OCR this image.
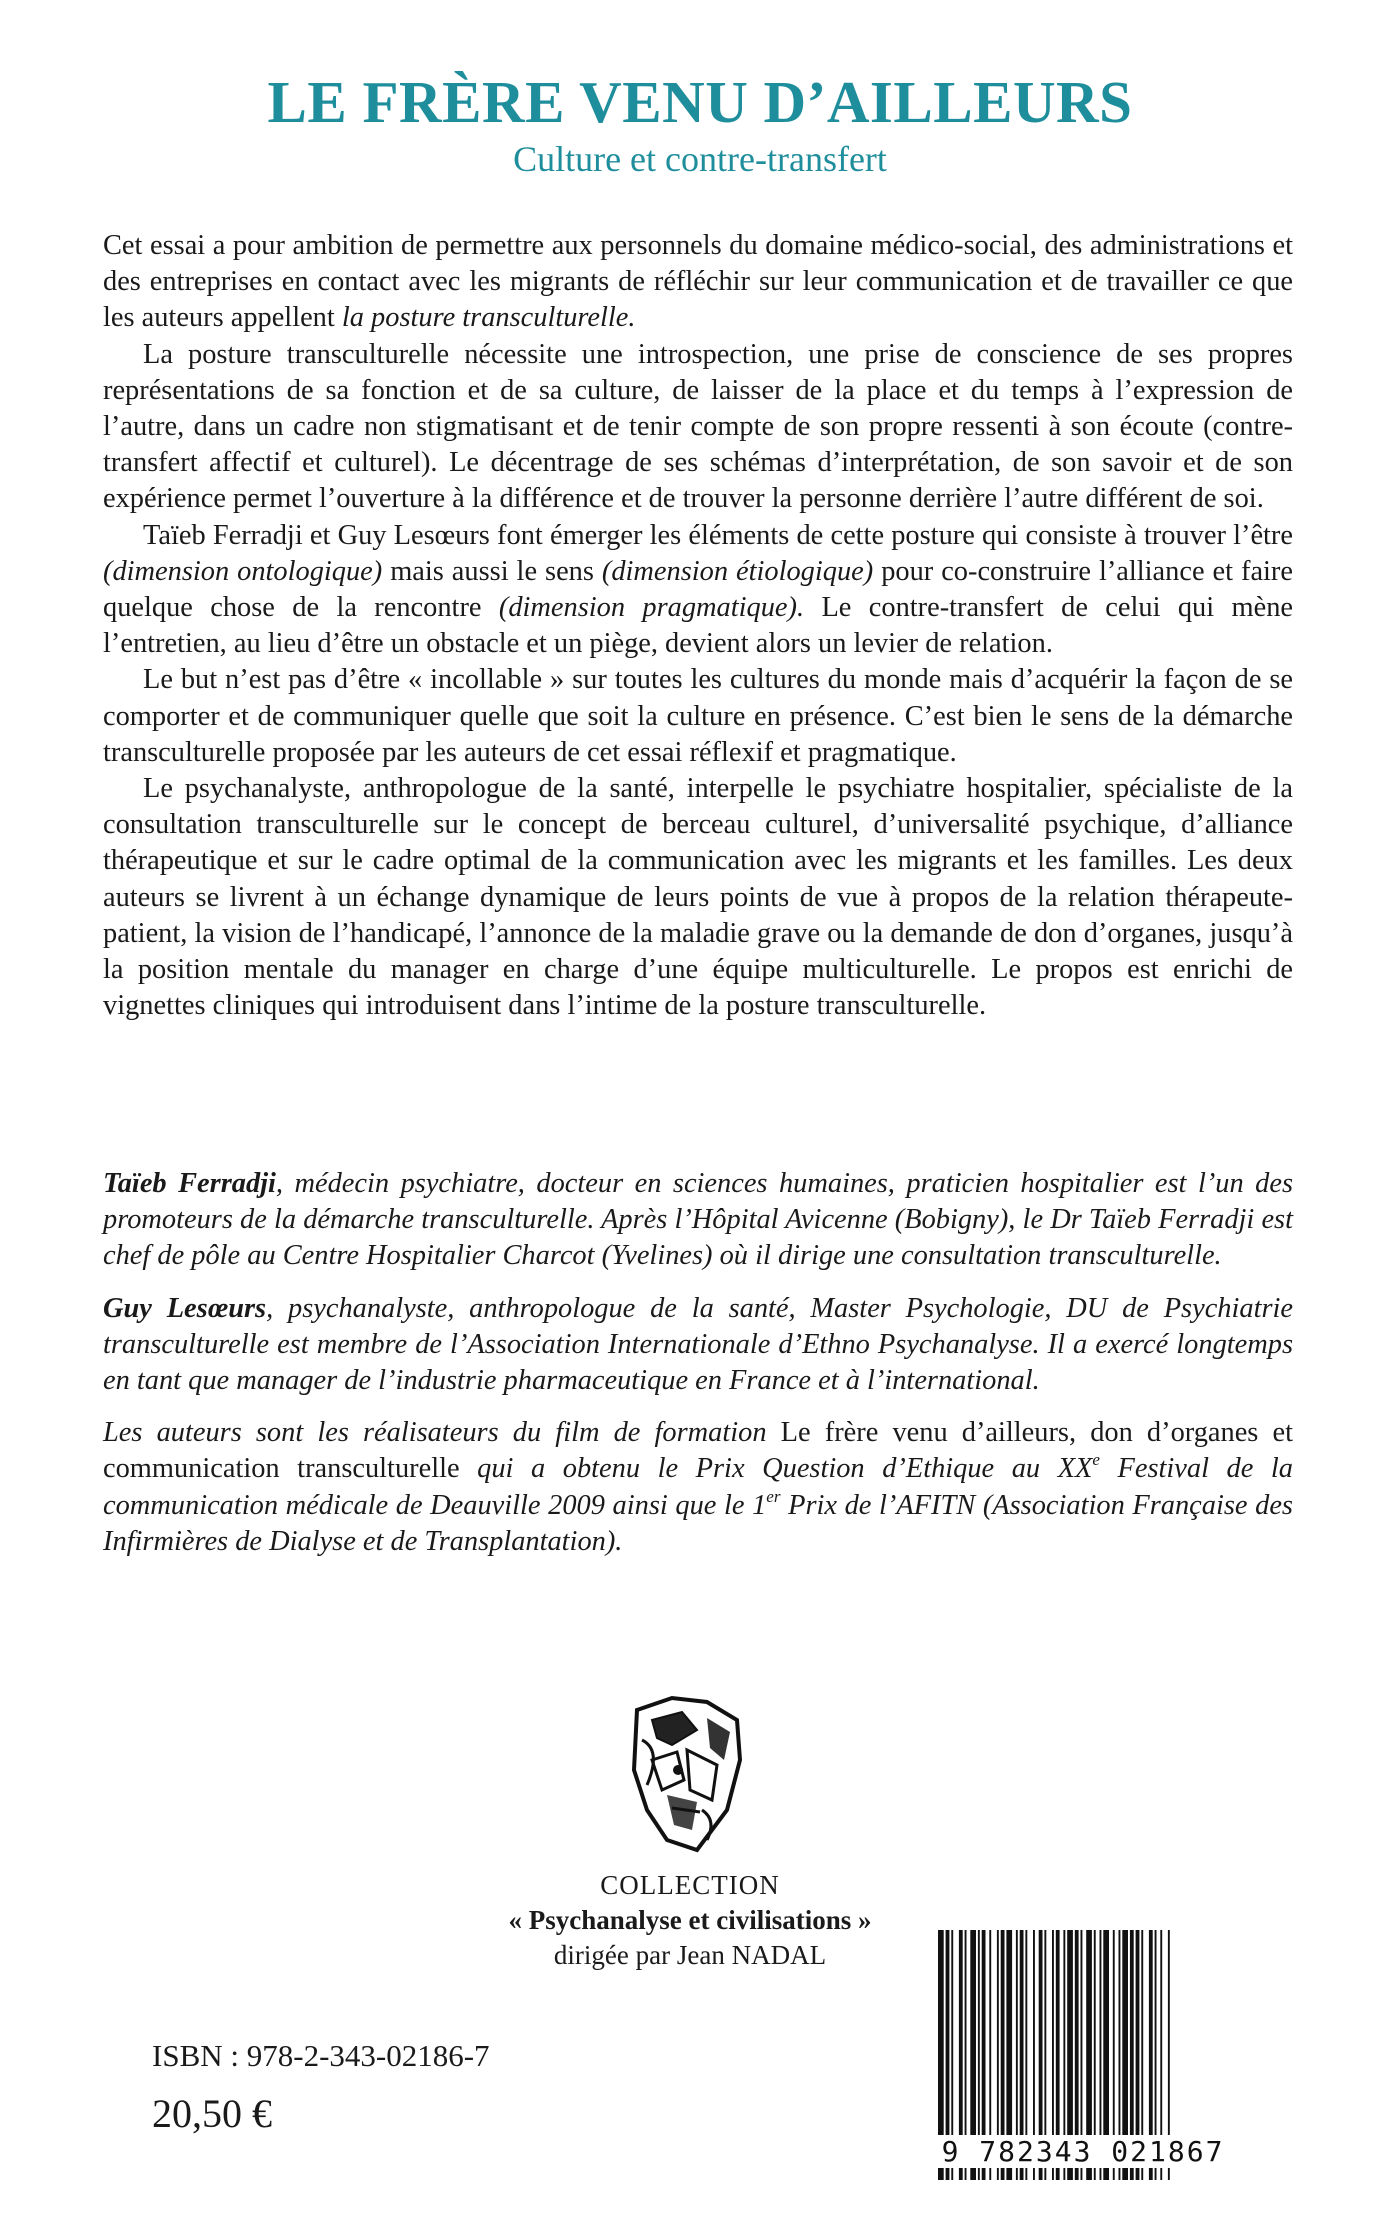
LE FRÈRE VENU D’AILLEURS
Culture et contre-transfert

Cet essai a pour ambition de permettre aux personnels du domaine médico-social, des administrations et des entreprises en contact avec les migrants de réfléchir sur leur communication et de travailler ce que les auteurs appellent la posture transculturelle.

La posture transculturelle nécessite une introspection, une prise de conscience de ses propres représentations de sa fonction et de sa culture, de laisser de la place et du temps à l’expression de l’autre, dans un cadre non stigmatisant et de tenir compte de son propre ressenti à son écoute (contre-transfert affectif et culturel). Le décentrage de ses schémas d’interprétation, de son savoir et de son expérience permet l’ouverture à la différence et de trouver la personne derrière l’autre différent de soi.

Taïeb Ferradji et Guy Lesœurs font émerger les éléments de cette posture qui consiste à trouver l’être (dimension ontologique) mais aussi le sens (dimension étiologique) pour co-construire l’alliance et faire quelque chose de la rencontre (dimension pragmatique). Le contre-transfert de celui qui mène l’entretien, au lieu d’être un obstacle et un piège, devient alors un levier de relation.

Le but n’est pas d’être « incollable » sur toutes les cultures du monde mais d’acquérir la façon de se comporter et de communiquer quelle que soit la culture en présence. C’est bien le sens de la démarche transculturelle proposée par les auteurs de cet essai réflexif et pragmatique.

Le psychanalyste, anthropologue de la santé, interpelle le psychiatre hospitalier, spécialiste de la consultation transculturelle sur le concept de berceau culturel, d’universalité psychique, d’alliance thérapeutique et sur le cadre optimal de la communication avec les migrants et les familles. Les deux auteurs se livrent à un échange dynamique de leurs points de vue à propos de la relation thérapeute-patient, la vision de l’handicapé, l’annonce de la maladie grave ou la demande de don d’organes, jusqu’à la position mentale du manager en charge d’une équipe multiculturelle. Le propos est enrichi de vignettes cliniques qui introduisent dans l’intime de la posture transculturelle.

Taïeb Ferradji, médecin psychiatre, docteur en sciences humaines, praticien hospitalier est l’un des promoteurs de la démarche transculturelle. Après l’Hôpital Avicenne (Bobigny), le Dr Taïeb Ferradji est chef de pôle au Centre Hospitalier Charcot (Yvelines) où il dirige une consultation transculturelle.

Guy Lesœurs, psychanalyste, anthropologue de la santé, Master Psychologie, DU de Psychiatrie transculturelle est membre de l’Association Internationale d’Ethno Psychanalyse. Il a exercé longtemps en tant que manager de l’industrie pharmaceutique en France et à l’international.

Les auteurs sont les réalisateurs du film de formation Le frère venu d’ailleurs, don d’organes et communication transculturelle qui a obtenu le Prix Question d’Ethique au XXe Festival de la communication médicale de Deauville 2009 ainsi que le 1er Prix de l’AFITN (Association Française des Infirmières de Dialyse et de Transplantation).

COLLECTION
« Psychanalyse et civilisations »
dirigée par Jean NADAL
ISBN : 978-2-343-02186-7
20,50 €
9 782343 021867
